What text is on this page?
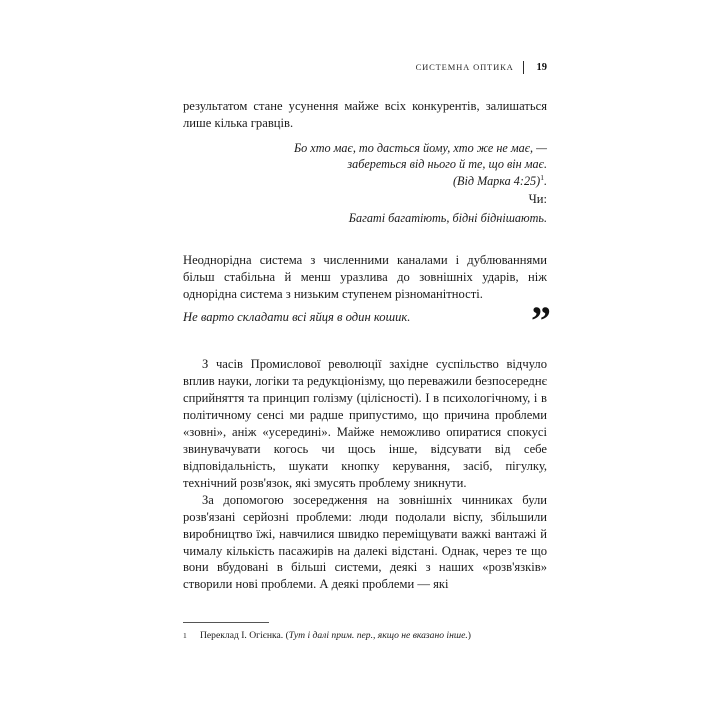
СИСТЕМНА ОПТИКА	19

результатом стане усунення майже всіх конкурентів, залишаться лише кілька гравців.

Бо хто має, то дасться йому, хто же не має, —

забереться від нього й те, що він має.

(Від Марка 4:25)$^1$.

Чи:

Багаті багатіють, бідні біднішають.

Неоднорідна система з численними каналами і дублюваннями більш стабільна й менш уразлива до зовнішніх ударів, ніж однорідна система з низьким ступенем різноманітності.

Не варто складати всі яйця в один кошик.	”

З часів Промислової революції західне суспільство відчуло вплив науки, логіки та редукціонізму, що переважили безпосереднє сприйняття та принцип голізму (цілісності). І в психологічному, і в політичному сенсі ми радше припустимо, що причина проблеми «зовні», аніж «усередині». Майже неможливо опиратися спокусі звинувачувати когось чи щось інше, відсувати від себе відповідальність, шукати кнопку керування, засіб, пігулку, технічний розв'язок, які змусять проблему зникнути.

За допомогою зосередження на зовнішніх чинниках були розв'язані серйозні проблеми: люди подолали віспу, збільшили виробництво їжі, навчилися швидко переміщувати важкі вантажі й чималу кількість пасажирів на далекі відстані. Однак, через те що вони вбудовані в більші системи, деякі з наших «розв'язків» створили нові проблеми. А деякі проблеми — які

1	Переклад І. Огієнка. (Тут і далі прим. пер., якщо не вказано інше.)
